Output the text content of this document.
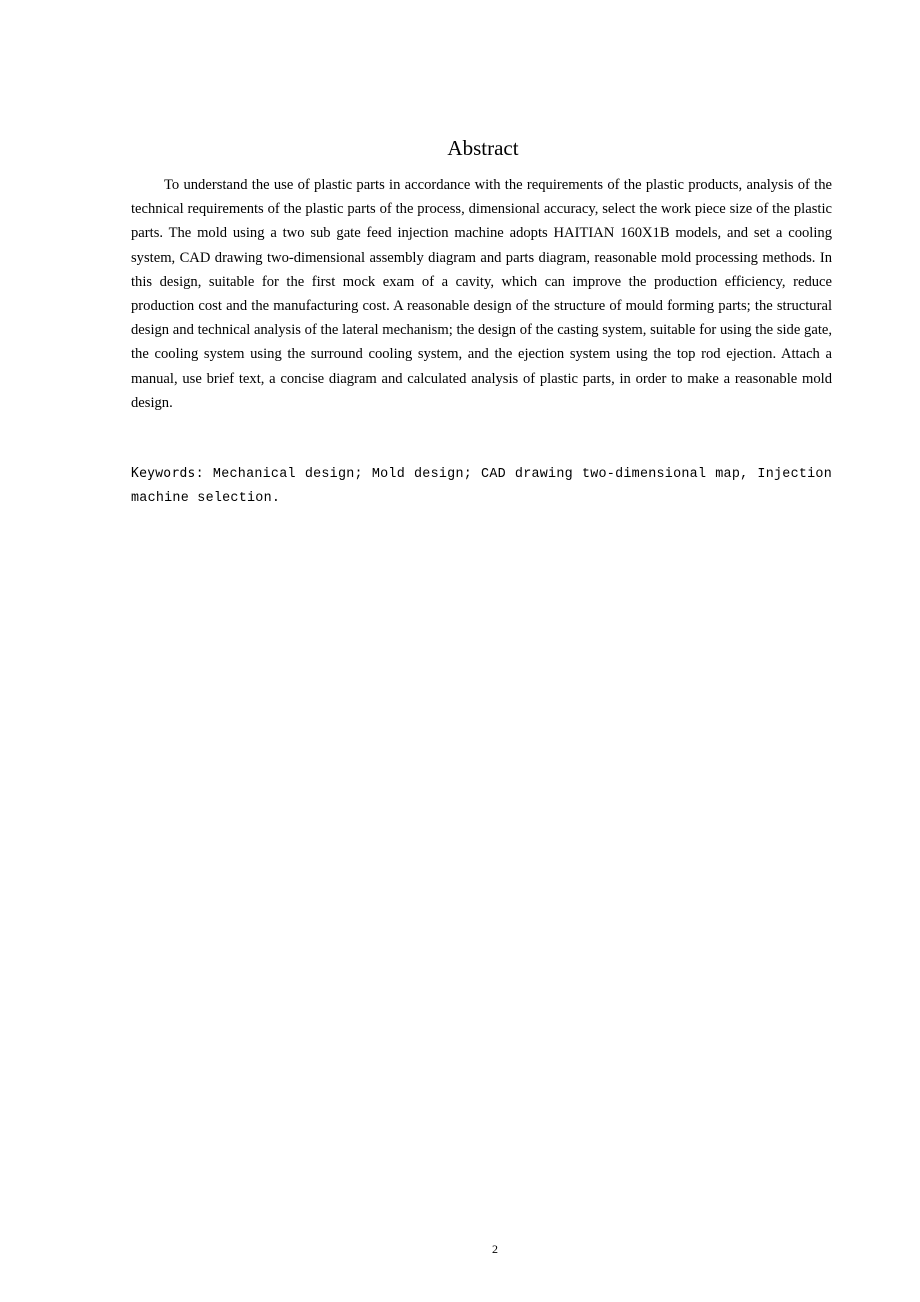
Abstract

To understand the use of plastic parts in accordance with the requirements of the plastic products, analysis of the technical requirements of the plastic parts of the process, dimensional accuracy, select the work piece size of the plastic parts. The mold using a two sub gate feed injection machine adopts HAITIAN 160X1B models, and set a cooling system, CAD drawing two-dimensional assembly diagram and parts diagram, reasonable mold processing methods. In this design, suitable for the first mock exam of a cavity, which can improve the production efficiency, reduce production cost and the manufacturing cost. A reasonable design of the structure of mould forming parts; the structural design and technical analysis of the lateral mechanism; the design of the casting system, suitable for using the side gate, the cooling system using the surround cooling system, and the ejection system using the top rod ejection. Attach a manual, use brief text, a concise diagram and calculated analysis of plastic parts, in order to make a reasonable mold design.

Keywords: Mechanical design; Mold design; CAD drawing two-dimensional map, Injection machine selection.

2
